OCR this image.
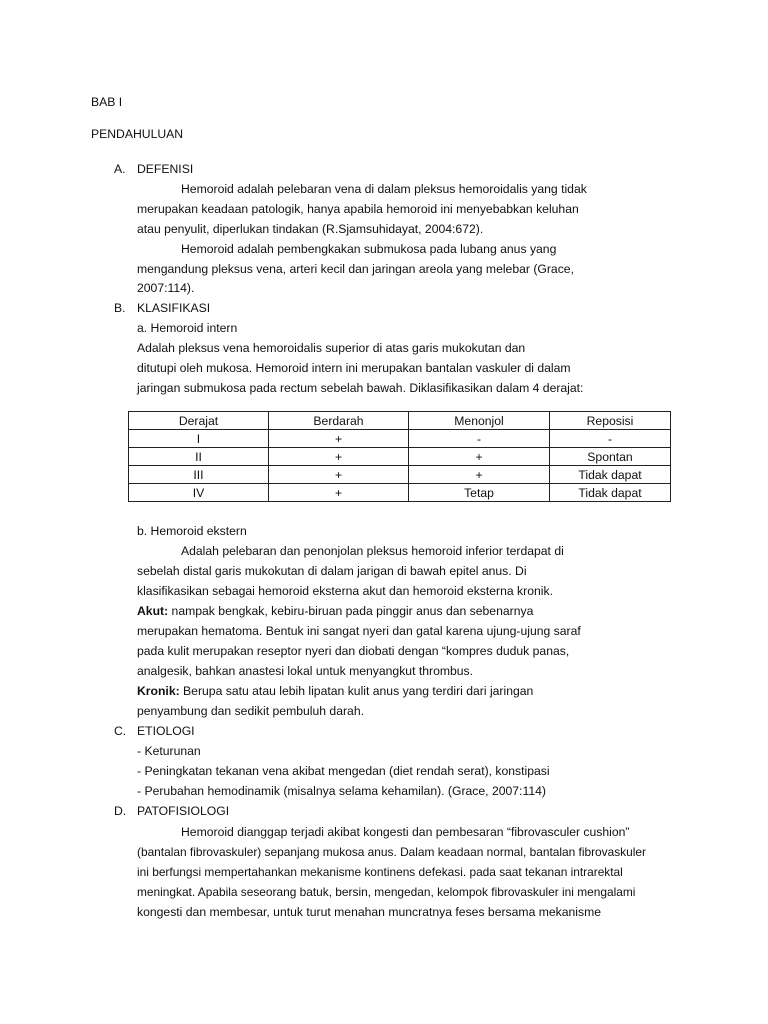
BAB I
PENDAHULUAN
A. DEFENISI
Hemoroid adalah pelebaran vena di dalam pleksus hemoroidalis yang tidak
merupakan keadaan patologik, hanya apabila hemoroid ini menyebabkan keluhan
atau penyulit, diperlukan tindakan (R.Sjamsuhidayat, 2004:672).
Hemoroid adalah pembengkakan submukosa pada lubang anus yang
mengandung pleksus vena, arteri kecil dan jaringan areola yang melebar (Grace,
2007:114).
B. KLASIFIKASI
a. Hemoroid intern
Adalah pleksus vena hemoroidalis superior di atas garis mukokutan dan
ditutupi oleh mukosa. Hemoroid intern ini merupakan bantalan vaskuler di dalam
jaringan submukosa pada rectum sebelah bawah. Diklasifikasikan dalam 4 derajat:
Derajat	Berdarah	Menonjol	Reposisi
I	+	-	-
II	+	+	Spontan
III	+	+	Tidak dapat
IV	+	Tetap	Tidak dapat
b. Hemoroid ekstern
Adalah pelebaran dan penonjolan pleksus hemoroid inferior terdapat di
sebelah distal garis mukokutan di dalam jarigan di bawah epitel anus. Di
klasifikasikan sebagai hemoroid eksterna akut dan hemoroid eksterna kronik.
Akut: nampak bengkak, kebiru-biruan pada pinggir anus dan sebenarnya
merupakan hematoma. Bentuk ini sangat nyeri dan gatal karena ujung-ujung saraf
pada kulit merupakan reseptor nyeri dan diobati dengan “kompres duduk panas,
analgesik, bahkan anastesi lokal untuk menyangkut thrombus.
Kronik: Berupa satu atau lebih lipatan kulit anus yang terdiri dari jaringan
penyambung dan sedikit pembuluh darah.
C. ETIOLOGI
- Keturunan
- Peningkatan tekanan vena akibat mengedan (diet rendah serat), konstipasi
- Perubahan hemodinamik (misalnya selama kehamilan). (Grace, 2007:114)
D. PATOFISIOLOGI
Hemoroid dianggap terjadi akibat kongesti dan pembesaran “fibrovasculer cushion”
(bantalan fibrovaskuler) sepanjang mukosa anus. Dalam keadaan normal, bantalan fibrovaskuler
ini berfungsi mempertahankan mekanisme kontinens defekasi. pada saat tekanan intrarektal
meningkat. Apabila seseorang batuk, bersin, mengedan, kelompok fibrovaskuler ini mengalami
kongesti dan membesar, untuk turut menahan muncratnya feses bersama mekanisme
